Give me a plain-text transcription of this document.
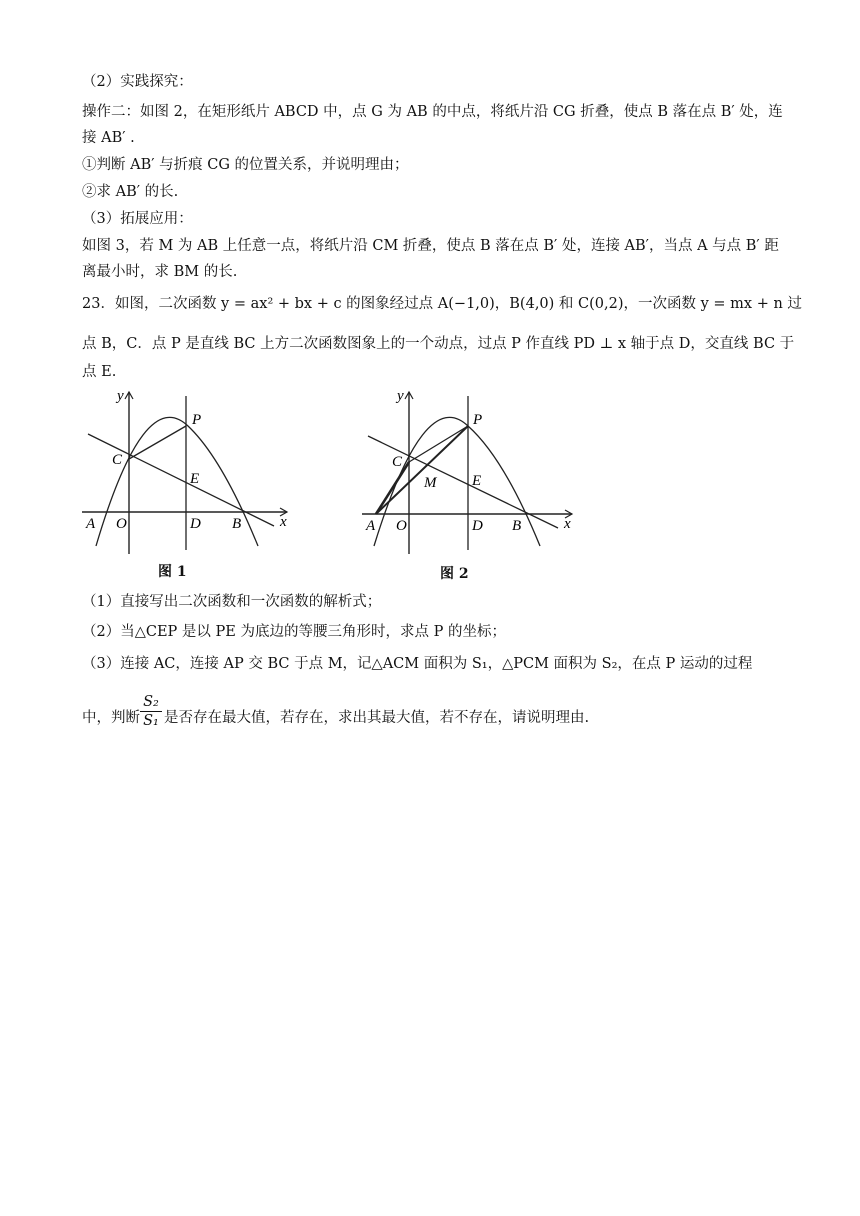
（2）实践探究：
操作二：如图 2，在矩形纸片 ABCD 中，点 G 为 AB 的中点，将纸片沿 CG 折叠，使点 B 落在点 B′ 处，连
接 AB′ .
①判断 AB′ 与折痕 CG 的位置关系，并说明理由；
②求 AB′ 的长.
（3）拓展应用：
如图 3，若 M 为 AB 上任意一点，将纸片沿 CM 折叠，使点 B 落在点 B′ 处，连接 AB′，当点 A 与点 B′ 距
离最小时，求 BM 的长.
23．如图，二次函数 y = ax² + bx + c 的图象经过点 A(−1,0)，B(4,0) 和 C(0,2)，一次函数 y = mx + n 过
点 B，C．点 P 是直线 BC 上方二次函数图象上的一个动点，过点 P 作直线 PD ⊥ x 轴于点 D，交直线 BC 于
点 E.
y
x
P
C
E
A O	D B
图 1
y
x
P
C
E
M
A O	D B
图 2
（1）直接写出二次函数和一次函数的解析式；
（2）当△CEP 是以 PE 为底边的等腰三角形时，求点 P 的坐标；
（3）连接 AC，连接 AP 交 BC 于点 M，记△ACM 面积为 S₁，△PCM 面积为 S₂，在点 P 运动的过程
中，判断
S₂
S₁ 是否存在最大值，若存在，求出其最大值，若不存在，请说明理由.
